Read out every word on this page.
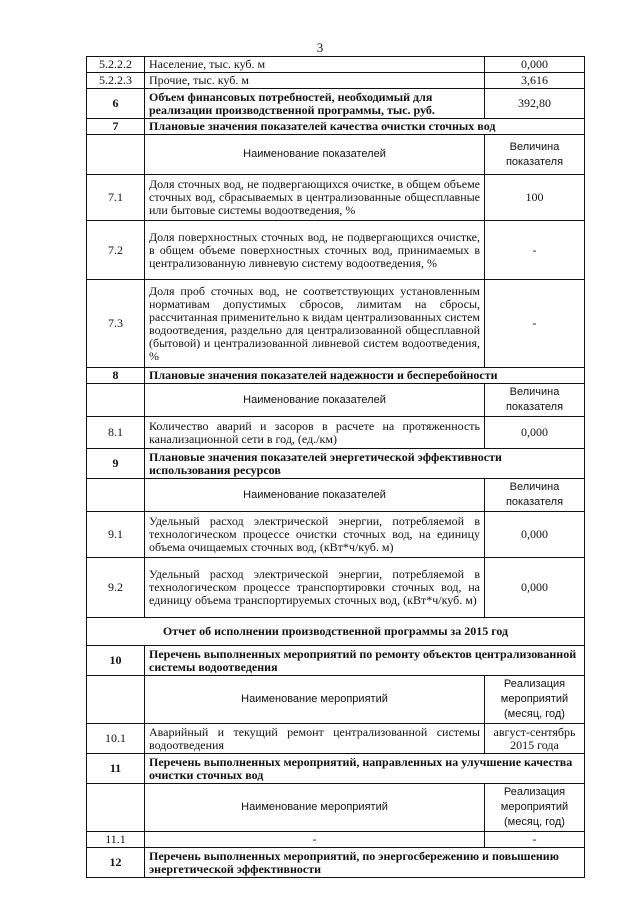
3
5.2.2.2	Население, тыс. куб. м	0,000
5.2.2.3	Прочие, тыс. куб. м	3,616
6	Объем финансовых потребностей, необходимый для реализации производственной программы, тыс. руб.	392,80
7	Плановые значения показателей качества очистки сточных вод	
	Наименование показателей	Величина показателя
7.1	Доля сточных вод, не подвергающихся очистке, в общем объеме сточных вод, сбрасываемых в централизованные общесплавные или бытовые системы водоотведения, %	100
7.2	Доля поверхностных сточных вод, не подвергающихся очистке, в общем объеме поверхностных сточных вод, принимаемых в централизованную ливневую систему водоотведения, %	-
7.3	Доля проб сточных вод, не соответствующих установленным нормативам допустимых сбросов, лимитам на сбросы, рассчитанная применительно к видам централизованных систем водоотведения, раздельно для централизованной общесплавной (бытовой) и централизованной ливневой систем водоотведения, %	-
8	Плановые значения показателей надежности и бесперебойности	
	Наименование показателей	Величина показателя
8.1	Количество аварий и засоров в расчете на протяженность канализационной сети в год, (ед./км)	0,000
9	Плановые значения показателей энергетической эффективности использования ресурсов	
	Наименование показателей	Величина показателя
9.1	Удельный расход электрической энергии, потребляемой в технологическом процессе очистки сточных вод, на единицу объема очищаемых сточных вод, (кВт*ч/куб. м)	0,000
9.2	Удельный расход электрической энергии, потребляемой в технологическом процессе транспортировки сточных вод, на единицу объема транспортируемых сточных вод, (кВт*ч/куб. м)	0,000
Отчет об исполнении производственной программы за 2015 год		
10	Перечень выполненных мероприятий по ремонту объектов централизованной системы водоотведения	
	Наименование мероприятий	Реализация мероприятий (месяц, год)
10.1	Аварийный и текущий ремонт централизованной системы водоотведения	август-сентябрь 2015 года
11	Перечень выполненных мероприятий, направленных на улучшение качества очистки сточных вод	
	Наименование мероприятий	Реализация мероприятий (месяц, год)
11.1	-	-
12	Перечень выполненных мероприятий, по энергосбережению и повышению энергетической эффективности	
